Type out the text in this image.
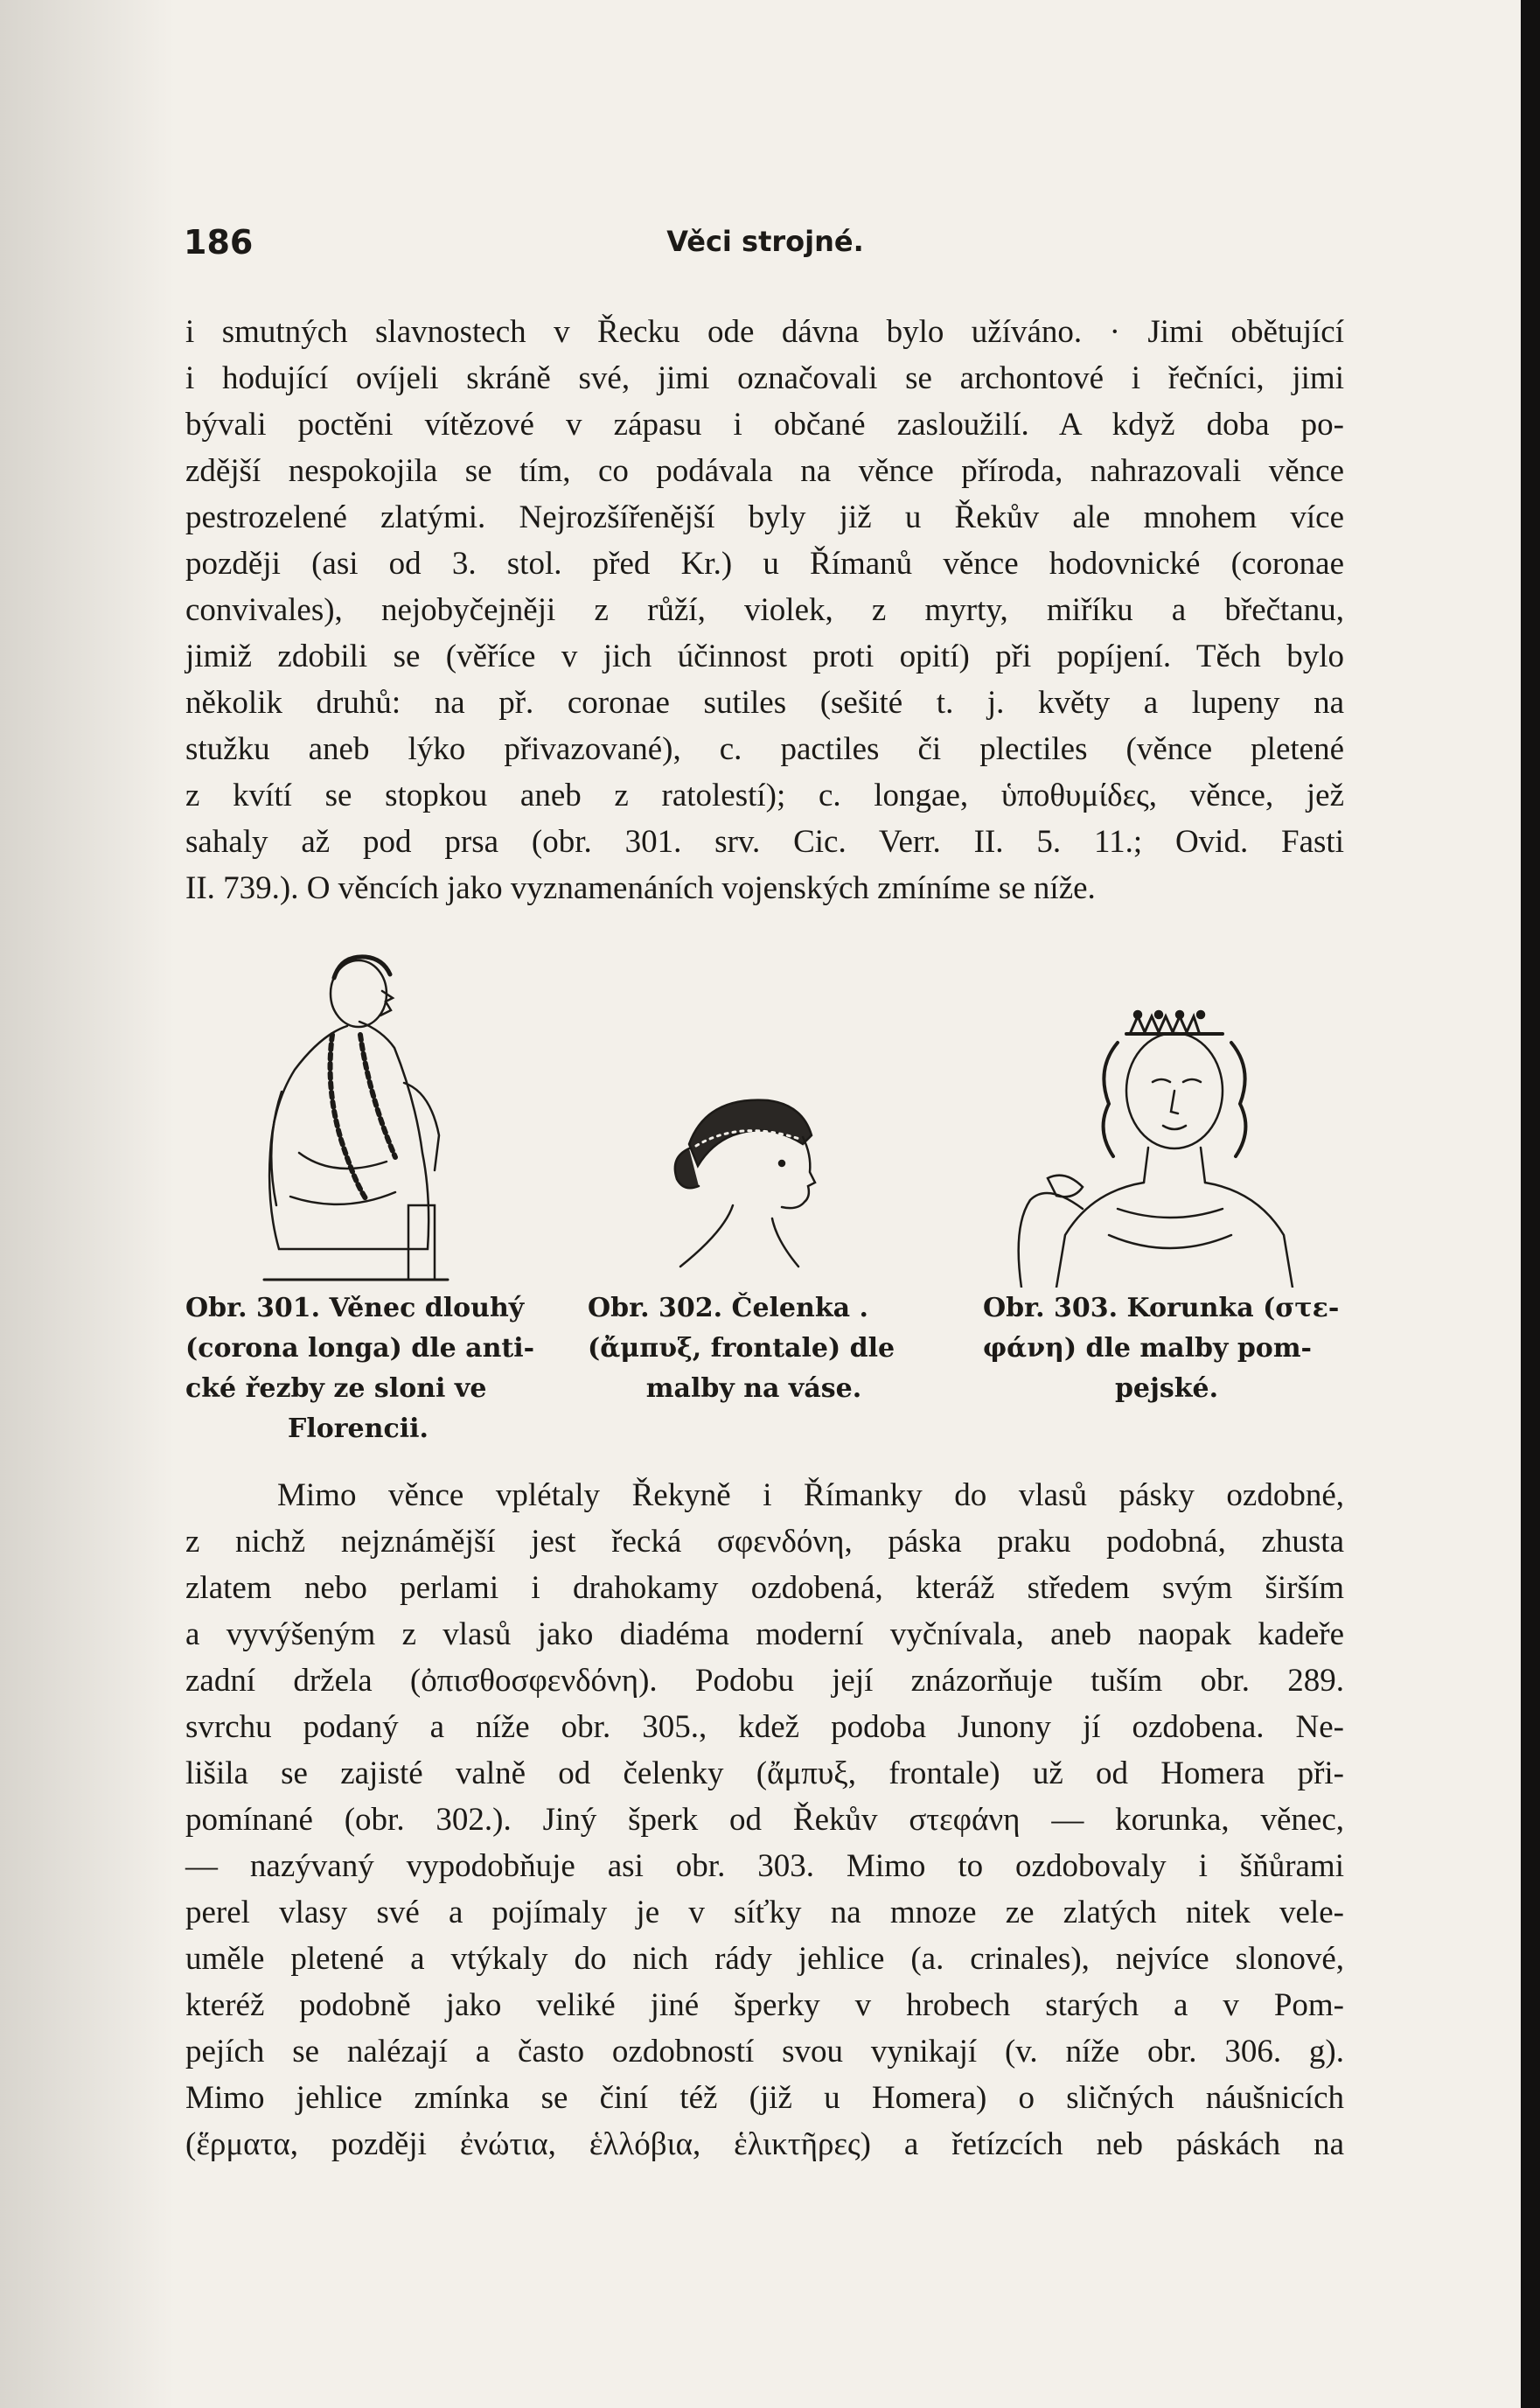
186	Věci strojné.
i smutných slavnostech v Řecku ode dávna bylo užíváno. · Jimi obětující
i hodující ovíjeli skráně své, jimi označovali se archontové i řečníci, jimi
bývali poctěni vítězové v zápasu i občané zasloužilí. A když doba po-
zdější nespokojila se tím, co podávala na věnce příroda, nahrazovali věnce
pestrozelené zlatými. Nejrozšířenější byly již u Řekův ale mnohem více
později (asi od 3. stol. před Kr.) u Římanů věnce hodovnické (coronae
convivales), nejobyčejněji z růží, violek, z myrty, miříku a břečtanu,
jimiž zdobili se (věříce v jich účinnost proti opití) při popíjení. Těch bylo
několik druhů: na př. coronae sutiles (sešité t. j. květy a lupeny na
stužku aneb lýko přivazované), c. pactiles či plectiles (věnce pletené
z kvítí se stopkou aneb z ratolestí); c. longae, ὑποθυμίδες, věnce, jež
sahaly až pod prsa (obr. 301. srv. Cic. Verr. II. 5. 11.; Ovid. Fasti
II. 739.). O věncích jako vyznamenáních vojenských zmíníme se níže.
Obr. 301. Věnec dlouhý
(corona longa) dle anti-
cké řezby ze sloni ve
Florencii.
Obr. 302. Čelenka .
(ἄμπυξ, frontale) dle
malby na váse.
Obr. 303. Korunka (στε-
φάνη) dle malby pom-
pejské.
Mimo věnce vplétaly Řekyně i Římanky do vlasů pásky ozdobné,
z nichž nejznámější jest řecká σφενδόνη, páska praku podobná, zhusta
zlatem nebo perlami i drahokamy ozdobená, kteráž středem svým širším
a vyvýšeným z vlasů jako diadéma moderní vyčnívala, aneb naopak kadeře
zadní držela (ὀπισθοσφενδόνη). Podobu její znázorňuje tuším obr. 289.
svrchu podaný a níže obr. 305., kdež podoba Junony jí ozdobena. Ne-
lišila se zajisté valně od čelenky (ἄμπυξ, frontale) už od Homera při-
pomínané (obr. 302.). Jiný šperk od Řekův στεφάνη — korunka, věnec,
— nazývaný vypodobňuje asi obr. 303. Mimo to ozdobovaly i šňůrami
perel vlasy své a pojímaly je v síťky na mnoze ze zlatých nitek vele-
uměle pletené a vtýkaly do nich rády jehlice (a. crinales), nejvíce slonové,
kteréž podobně jako veliké jiné šperky v hrobech starých a v Pom-
pejích se nalézají a často ozdobností svou vynikají (v. níže obr. 306. g).
Mimo jehlice zmínka se činí též (již u Homera) o sličných náušnicích
(ἕρματα, později ἐνώτια, ἑλλόβια, ἑλικτῆρες) a řetízcích neb páskách na
